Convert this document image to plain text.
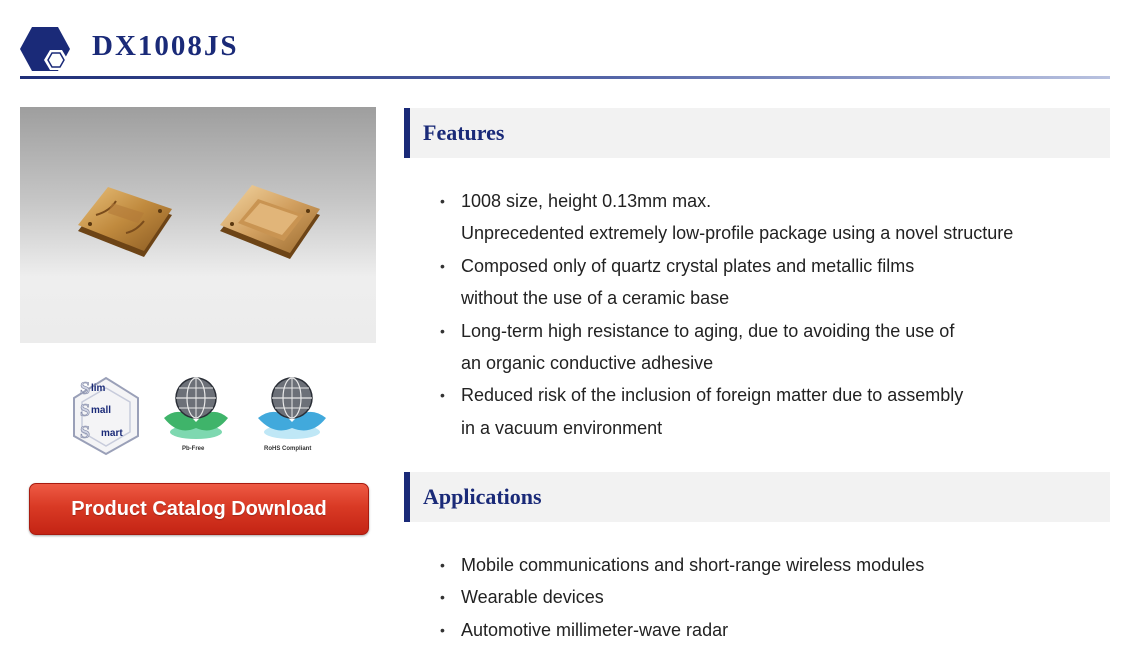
DX1008JS
S
S
S
lim
mall
mart
Pb-Free	RoHS Compliant
Product Catalog Download
Features
• 1008 size, height 0.13mm max.
Unprecedented extremely low-profile package using a novel structure
• Composed only of quartz crystal plates and metallic films
without the use of a ceramic base
• Long-term high resistance to aging, due to avoiding the use of
an organic conductive adhesive
• Reduced risk of the inclusion of foreign matter due to assembly
in a vacuum environment
Applications
• Mobile communications and short-range wireless modules
• Wearable devices
• Automotive millimeter-wave radar
